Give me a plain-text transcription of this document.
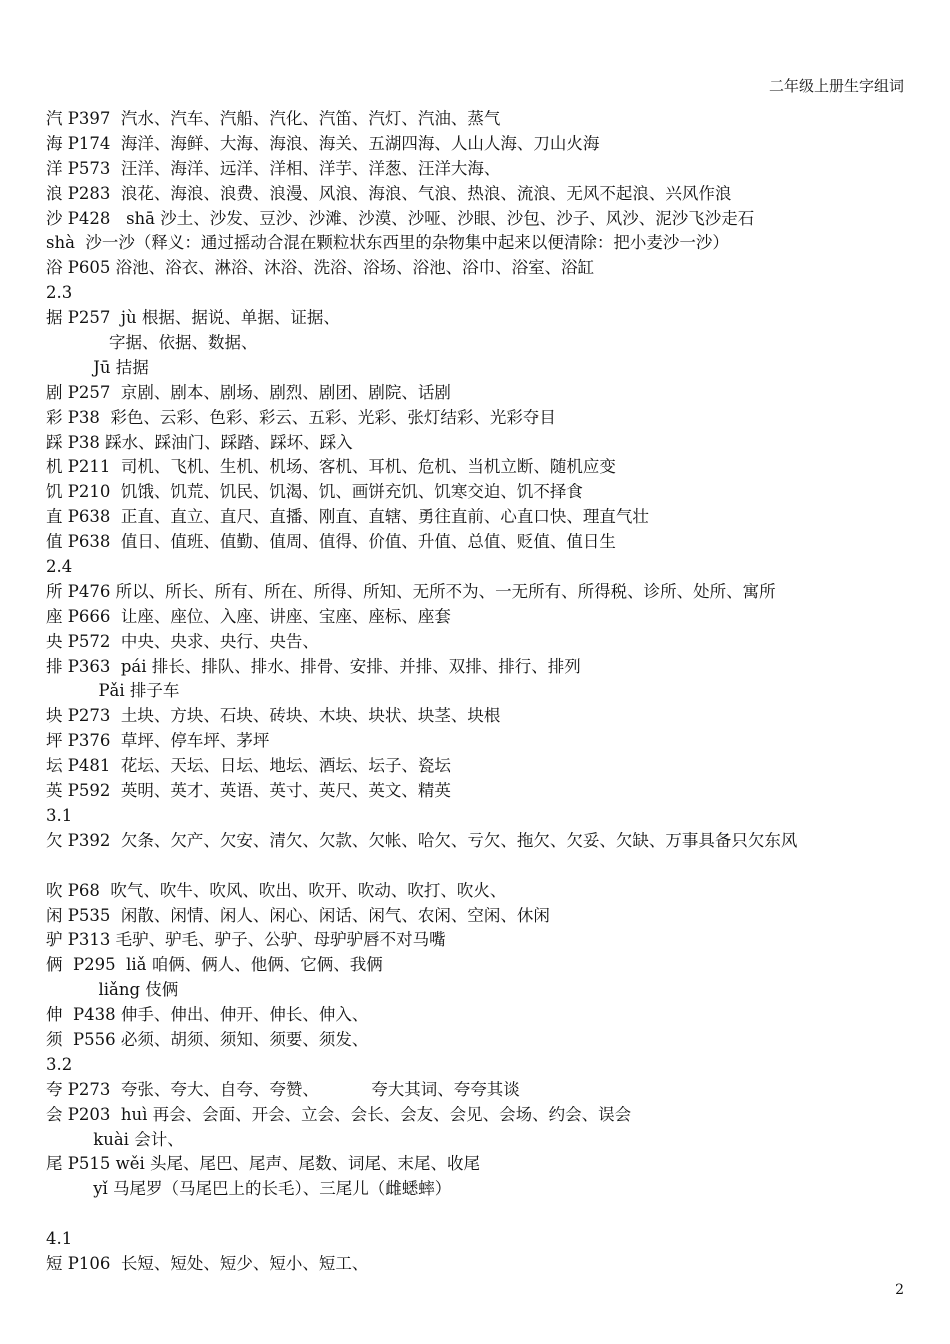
二年级上册生字组词
汽 P397  汽水、汽车、汽船、汽化、汽笛、汽灯、汽油、蒸气
海 P174  海洋、海鲜、大海、海浪、海关、五湖四海、人山人海、刀山火海
洋 P573  汪洋、海洋、远洋、洋相、洋芋、洋葱、汪洋大海、
浪 P283  浪花、海浪、浪费、浪漫、风浪、海浪、气浪、热浪、流浪、无风不起浪、兴风作浪
沙 P428   shā 沙土、沙发、豆沙、沙滩、沙漠、沙哑、沙眼、沙包、沙子、风沙、泥沙飞沙走石
shà  沙一沙（释义：通过摇动合混在颗粒状东西里的杂物集中起来以便清除：把小麦沙一沙）
浴 P605 浴池、浴衣、淋浴、沐浴、洗浴、浴场、浴池、浴巾、浴室、浴缸
2.3
据 P257  jù 根据、据说、单据、证据、
字据、依据、数据、
Jū 拮据
剧 P257  京剧、剧本、剧场、剧烈、剧团、剧院、话剧
彩 P38  彩色、云彩、色彩、彩云、五彩、光彩、张灯结彩、光彩夺目
踩 P38 踩水、踩油门、踩踏、踩坏、踩入
机 P211  司机、飞机、生机、机场、客机、耳机、危机、当机立断、随机应变
饥 P210  饥饿、饥荒、饥民、饥渴、饥、画饼充饥、饥寒交迫、饥不择食
直 P638  正直、直立、直尺、直播、刚直、直辖、勇往直前、心直口快、理直气壮
值 P638  值日、值班、值勤、值周、值得、价值、升值、总值、贬值、值日生
2.4
所 P476 所以、所长、所有、所在、所得、所知、无所不为、一无所有、所得税、诊所、处所、寓所
座 P666  让座、座位、入座、讲座、宝座、座标、座套
央 P572  中央、央求、央行、央告、
排 P363  pái 排长、排队、排水、排骨、安排、并排、双排、排行、排列
Pǎi 排子车
块 P273  土块、方块、石块、砖块、木块、块状、块茎、块根
坪 P376  草坪、停车坪、茅坪
坛 P481  花坛、天坛、日坛、地坛、酒坛、坛子、瓷坛
英 P592  英明、英才、英语、英寸、英尺、英文、精英
3.1
欠 P392  欠条、欠产、欠安、清欠、欠款、欠帐、哈欠、亏欠、拖欠、欠妥、欠缺、万事具备只欠东风
吹 P68  吹气、吹牛、吹风、吹出、吹开、吹动、吹打、吹火、
闲 P535  闲散、闲情、闲人、闲心、闲话、闲气、农闲、空闲、休闲
驴 P313 毛驴、驴毛、驴子、公驴、母驴驴唇不对马嘴
俩  P295  liǎ 咱俩、俩人、他俩、它俩、我俩
liǎng 伎俩
伸  P438 伸手、伸出、伸开、伸长、伸入、
须  P556 必须、胡须、须知、须要、须发、
3.2
夸 P273  夸张、夸大、自夸、夸赞、          夸大其词、夸夸其谈
会 P203  huì 再会、会面、开会、立会、会长、会友、会见、会场、约会、误会
kuài 会计、
尾 P515 wěi 头尾、尾巴、尾声、尾数、词尾、末尾、收尾
yǐ 马尾罗（马尾巴上的长毛）、三尾儿（雌蟋蟀）
4.1
短 P106  长短、短处、短少、短小、短工、
2
